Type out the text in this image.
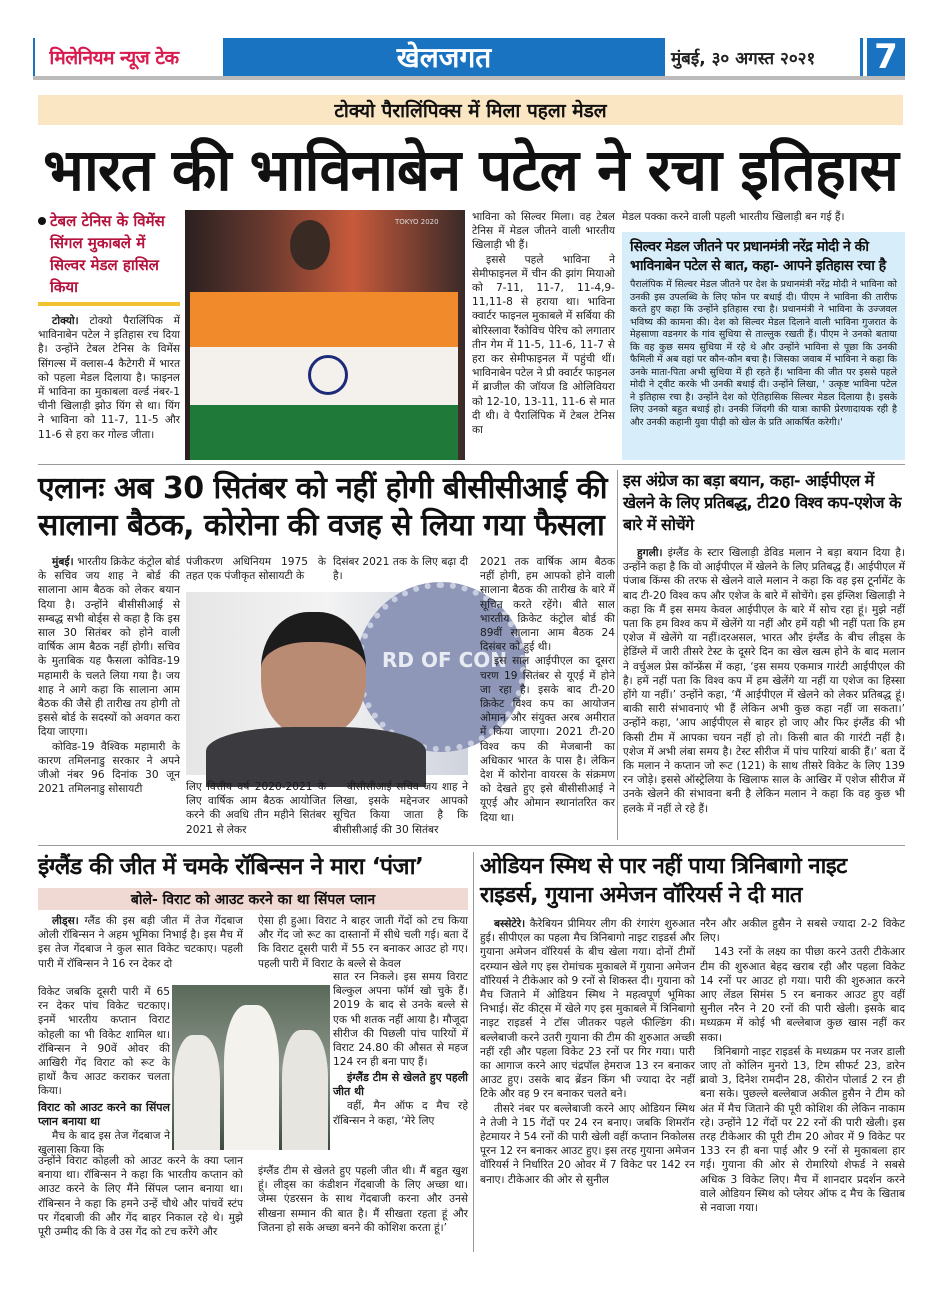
मिलेनियम न्यूज टेक	खेलजगत	मुंबई, ३० अगस्त २०२१	7
टोक्यो पैरालिंपिक्स में मिला पहला मेडल
भारत की भाविनाबेन पटेल ने रचा इतिहास
टेबल टेनिस के विमेंस सिंगल मुकाबले में सिल्वर मेडल हासिल किया

टोक्यो। टोक्यो पैरालिंपिक में भाविनाबेन पटेल ने इतिहास रच दिया है। उन्होंने टेबल टेनिस के विमेंस सिंगल्स में क्लास-4 कैटेगरी में भारत को पहला मेडल दिलाया है। फाइनल में भाविना का मुकाबला वर्ल्ड नंबर-1 चीनी खिलाड़ी झोउ यिंग से था। यिंग ने भाविना को 11-7, 11-5 और 11-6 से हरा कर गोल्ड जीता।

TOKYO 2020	भाविना को सिल्वर मिला। वह टेबल टेनिस में मेडल जीतने वाली भारतीय खिलाड़ी भी हैं।

इससे पहले भाविना ने सेमीफाइनल में चीन की झांग मियाओ को 7-11, 11-7, 11-4,9-11,11-8 से हराया था। भाविना क्वार्टर फाइनल मुकाबले में सर्बिया की बोरिस्लावा रैंकोविच पेरिच को लगातार तीन गेम में 11-5, 11-6, 11-7 से हरा कर सेमीफाइनल में पहुंची थीं। भाविनाबेन पटेल ने प्री क्वार्टर फाइनल में ब्राजील की जॉयज डि ओलिवियरा को 12-10, 13-11, 11-6 से मात दी थी। वे पैरालिंपिक में टेबल टेनिस का

मेडल पक्का करने वाली पहली भारतीय खिलाड़ी बन गई हैं।
सिल्वर मेडल जीतने पर प्रधानमंत्री नरेंद्र मोदी ने की भाविनाबेन पटेल से बात, कहा- आपने इतिहास रचा है
पैरालंपिक में सिल्वर मेडल जीतने पर देश के प्रधानमंत्री नरेंद्र मोदी ने भाविना को उनकी इस उपलब्धि के लिए फोन पर बधाई दी। पीएम ने भाविना की तारीफ करते हुए कहा कि उन्होंने इतिहास रचा है। प्रधानमंत्री ने भाविना के उज्जवल भविष्य की कामना की। देश को सिल्वर मेडल दिलाने वाली भाविना गुजरात के मेहसाणा वडनगर के गांव सुधिया से ताल्लुक रखती हैं। पीएम ने उनको बताया कि वह कुछ समय सुधिया में रहे थे और उन्होंने भाविना से पूछा कि उनकी फैमिली में अब वहां पर कौन-कौन बचा है। जिसका जवाब में भाविना ने कहा कि उनके माता-पिता अभी सुधिया में ही रहते हैं। भाविना की जीत पर इससे पहले मोदी ने ट्वीट करके भी उनकी बधाई दी। उन्होंने लिखा, ' उत्कृष्ट भाविना पटेल ने इतिहास रचा है। उन्होंने देश को ऐतिहासिक सिल्वर मेडल दिलाया है। इसके लिए उनको बहुत बधाई हो। उनकी जिंदगी की यात्रा काफी प्रेरणादायक रही है और उनकी कहानी युवा पीढ़ी को खेल के प्रति आकर्षित करेगी।'
एलानः अब 30 सितंबर को नहीं होगी बीसीसीआई की सालाना बैठक, कोरोना की वजह से लिया गया फैसला

मुंबई। भारतीय क्रिकेट कंट्रोल बोर्ड के सचिव जय शाह ने बोर्ड की सालाना आम बैठक को लेकर बयान दिया है। उन्होंने बीसीसीआई से सम्बद्ध सभी बोर्ड्स से कहा है कि इस साल 30 सितंबर को होने वाली वार्षिक आम बैठक नहीं होगी। सचिव के मुताबिक यह फैसला कोविड-19 महामारी के चलते लिया गया है। जय शाह ने आगे कहा कि सालाना आम बैठक की जैसे ही तारीख तय होगी तो इससे बोर्ड के सदस्यों को अवगत करा दिया जाएगा।

कोविड-19 वैश्विक महामारी के कारण तमिलनाडु सरकार ने अपने जीओ नंबर 96 दिनांक 30 जून 2021 तमिलनाडु सोसायटी

पंजीकरण अधिनियम 1975 के तहत एक पंजीकृत सोसायटी के
दिसंबर 2021 तक के लिए बढ़ा दी है।
RD OF CON
लिए वित्तीय वर्ष 2020-2021 के लिए वार्षिक आम बैठक आयोजित करने की अवधि तीन महीने सितंबर 2021 से लेकर

बीसीसीआई सचिव जय शाह ने लिखा, इसके मद्देनजर आपको सूचित किया जाता है कि बीसीसीआई की 30 सितंबर

2021 तक वार्षिक आम बैठक नहीं होगी, हम आपको होने वाली सालाना बैठक की तारीख के बारे में सूचित करते रहेंगे। बीते साल भारतीय क्रिकेट कंट्रोल बोर्ड की 89वीं सालाना आम बैठक 24 दिसंबर को हुई थी।

इस साल आईपीएल का दूसरा चरण 19 सितंबर से यूएई में होने जा रहा है। इसके बाद टी-20 क्रिकेट विश्व कप का आयोजन ओमान और संयुक्त अरब अमीरात में किया जाएगा। 2021 टी-20 विश्व कप की मेजबानी का अधिकार भारत के पास है। लेकिन देश में कोरोना वायरस के संक्रमण को देखते हुए इसे बीसीसीआई ने यूएई और ओमान स्थानांतरित कर दिया था।

इस अंग्रेज का बड़ा बयान, कहा- आईपीएल में खेलने के लिए प्रतिबद्ध, टी20 विश्व कप-एशेज के बारे में सोचेंगे

हुगली। इंग्लैंड के स्टार खिलाड़ी डेविड मलान ने बड़ा बयान दिया है। उन्होंने कहा है कि वो आईपीएल में खेलने के लिए प्रतिबद्ध हैं। आईपीएल में पंजाब किंग्स की तरफ से खेलने वाले मलान ने कहा कि वह इस टूर्नामेंट के बाद टी-20 विश्व कप और एशेज के बारे में सोचेंगे। इस इंग्लिश खिलाड़ी ने कहा कि मैं इस समय केवल आईपीएल के बारे में सोच रहा हूं। मुझे नहीं पता कि हम विश्व कप में खेलेंगे या नहीं और हमें यही भी नहीं पता कि हम एशेज में खेलेंगे या नहीं।दरअसल, भारत और इंग्लैंड के बीच लीड्स के हेडिंग्ले में जारी तीसरे टेस्ट के दूसरे दिन का खेल खत्म होने के बाद मलान ने वर्चुअल प्रेस कॉन्फ्रेंस में कहा, ‘इस समय एकमात्र गारंटी आईपीएल की है। हमें नहीं पता कि विश्व कप में हम खेलेंगे या नहीं या एशेज का हिस्सा होंगे या नहीं।’ उन्होंने कहा, ‘मैं आईपीएल में खेलने को लेकर प्रतिबद्ध हूं। बाकी सारी संभावनाएं भी हैं लेकिन अभी कुछ कहा नहीं जा सकता।’ उन्होंने कहा, ‘आप आईपीएल से बाहर हो जाए और फिर इंग्लैंड की भी किसी टीम में आपका चयन नहीं हो तो। किसी बात की गारंटी नहीं है। एशेज में अभी लंबा समय है। टेस्ट सीरीज में पांच पारियां बाकी हैं।’ बता दें कि मलान ने कप्तान जो रूट (121) के साथ तीसरे विकेट के लिए 139 रन जोड़े। इससे ऑस्ट्रेलिया के खिलाफ साल के आखिर में एशेज सीरीज में उनके खेलने की संभावना बनी है लेकिन मलान ने कहा कि वह कुछ भी हलके में नहीं ले रहे हैं।

इंग्लैंड की जीत में चमके रॉबिन्सन ने मारा ‘पंजा’
बोले- विराट को आउट करने का था सिंपल प्लान

लीड्स। ग्लैंड की इस बड़ी जीत में तेज गेंदबाज ओली रॉबिन्सन ने अहम भूमिका निभाई है। इस मैच में इस तेज गेंदबाज ने कुल सात विकेट चटकाए। पहली पारी में रॉबिन्सन ने 16 रन देकर दो

विकेट जबकि दूसरी पारी में 65 रन देकर पांच विकेट चटकाए। इनमें भारतीय कप्तान विराट कोहली का भी विकेट शामिल था। रॉबिन्सन ने 90वें ओवर की आखिरी गेंद विराट को रूट के हाथों कैच आउट कराकर चलता किया।

विराट को आउट करने का सिंपल प्लान बनाया था

मैच के बाद इस तेज गेंदबाज ने खुलासा किया कि

उन्होंने विराट कोहली को आउट करने के क्या प्लान बनाया था। रॉबिन्सन ने कहा कि भारतीय कप्तान को आउट करने के लिए मैंने सिंपल प्लान बनाया था। रॉबिन्सन ने कहा कि हमने उन्हें चौथे और पांचवें स्टंप पर गेंदबाजी की और गेंद बाहर निकाल रहे थे। मुझे पूरी उम्मीद की कि वे उस गेंद को टच करेंगे और
ऐसा ही हुआ। विराट ने बाहर जाती गेंदों को टच किया और गेंद जो रूट का दास्तानों में सीधे चली गई। बता दें कि विराट दूसरी पारी में 55 रन बनाकर आउट हो गए। पहली पारी में विराट के बल्ले से केवल

सात रन निकले। इस समय विराट बिल्कुल अपना फॉर्म खो चुके हैं। 2019 के बाद से उनके बल्ले से एक भी शतक नहीं आया है। मौजूदा सीरीज की पिछली पांच पारियों में विराट 24.80 की औसत से महज 124 रन ही बना पाए हैं।

इंग्लैंड टीम से खेलते हुए पहली जीत थी

वहीं, मैन ऑफ द मैच रहे रॉबिन्सन ने कहा, ‘मेरे लिए

इंग्लैंड टीम से खेलते हुए पहली जीत थी। मैं बहुत खुश हूं। लीड्स का कंडीशन गेंदबाजी के लिए अच्छा था। जेम्स एंडरसन के साथ गेंदबाजी करना और उनसे सीखना सम्मान की बात है। मैं सीखता रहता हूं और जितना हो सके अच्छा बनने की कोशिश करता हूं।’
ओडियन स्मिथ से पार नहीं पाया त्रिनिबागो नाइट राइडर्स, गुयाना अमेजन वॉरियर्स ने दी मात

बस्सेटेरे। कैरेबियन प्रीमियर लीग की रंगारंग शुरुआत हुई। सीपीएल का पहला मैच त्रिनिबागो नाइट राइडर्स और गुयाना अमेजन वॉरियर्स के बीच खेला गया। दोनों टीमों दरम्यान खेले गए इस रोमांचक मुकाबले में गुयाना अमेजन वॉरियर्स ने टीकेआर को 9 रनों से शिकस्त दी। गुयाना को मैच जिताने में ओडियन स्मिथ ने महत्वपूर्ण भूमिका निभाई। सेंट कीट्स में खेले गए इस मुकाबले में त्रिनिबागो नाइट राइडर्स ने टॉस जीतकर पहले फील्डिंग की। बल्लेबाजी करने उतरी गुयाना की टीम की शुरुआत अच्छी नहीं रही और पहला विकेट 23 रनों पर गिर गया। पारी का आगाज करने आए चंद्रपॉल हेमराज 13 रन बनाकर आउट हुए। उसके बाद ब्रेंडन किंग भी ज्यादा देर नहीं टिके और वह 9 रन बनाकर चलते बने।

तीसरे नंबर पर बल्लेबाजी करने आए ओडियन स्मिथ ने तेजी ने 15 गेंदों पर 24 रन बनाए। जबकि शिमरॉन हेटमायर ने 54 रनों की पारी खेली वहीं कप्तान निकोलस पूरन 12 रन बनाकर आउट हुए। इस तरह गुयाना अमेजन वॉरियर्स ने निर्धारित 20 ओवर में 7 विकेट पर 142 रन बनाए। टीकेआर की ओर से सुनील

नरैन और अकील हुसैन ने सबसे ज्यादा 2-2 विकेट लिए।

143 रनों के लक्ष्य का पीछा करने उतरी टीकेआर टीम की शुरुआत बेहद खराब रही और पहला विकेट 14 रनों पर आउट हो गया। पारी की शुरुआत करने आए लेंडल सिमंस 5 रन बनाकर आउट हुए वहीं सुनील नरैन ने 20 रनों की पारी खेली। इसके बाद मध्यक्रम में कोई भी बल्लेबाज कुछ खास नहीं कर सका।

त्रिनिबागो नाइट राइडर्स के मध्यक्रम पर नजर डाली जाए तो कोलिन मुनरो 13, टिम सीफर्ट 23, डारेन ब्रावो 3, दिनेश रामदीन 28, कीरोन पोलार्ड 2 रन ही बना सके। पुछल्ले बल्लेबाज अकील हुसैन ने टीम को अंत में मैच जिताने की पूरी कोशिश की लेकिन नाकाम रहे। उन्होंने 12 गेंदों पर 22 रनों की पारी खेली। इस तरह टीकेआर की पूरी टीम 20 ओवर में 9 विकेट पर 133 रन ही बना पाई और 9 रनों से मुकाबला हार गई। गुयाना की ओर से रोमारियो शेफर्ड ने सबसे अधिक 3 विकेट लिए। मैच में शानदार प्रदर्शन करने वाले ओडियन स्मिथ को प्लेयर ऑफ द मैच के खिताब से नवाजा गया।
